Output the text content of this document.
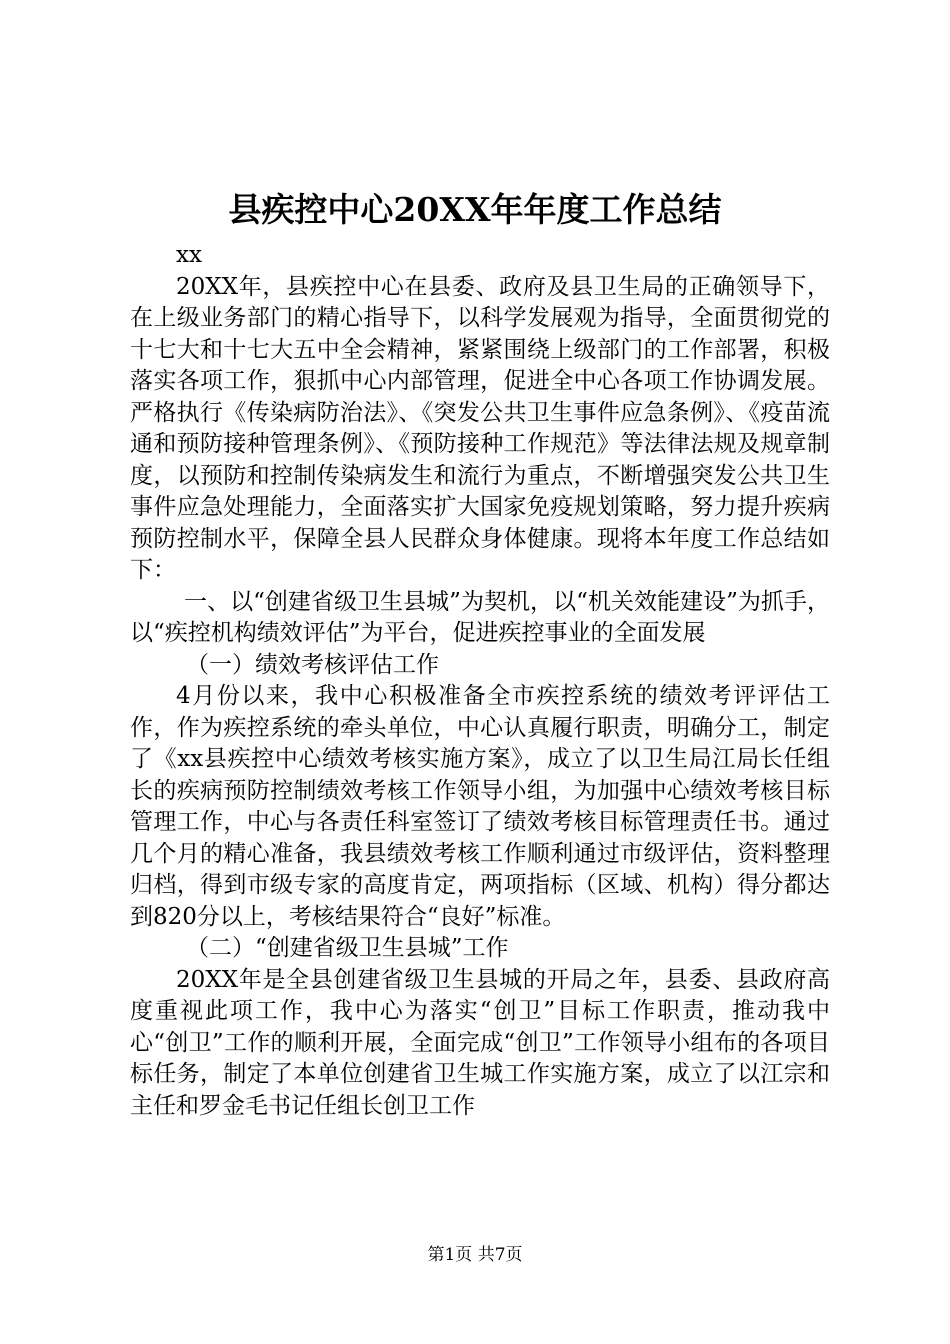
县疾控中心20XX年年度工作总结

xx

20XX年，县疾控中心在县委、政府及县卫生局的正确领导下，在上级业务部门的精心指导下，以科学发展观为指导，全面贯彻党的十七大和十七大五中全会精神，紧紧围绕上级部门的工作部署，积极落实各项工作，狠抓中心内部管理，促进全中心各项工作协调发展。严格执行《传染病防治法》、《突发公共卫生事件应急条例》、《疫苗流通和预防接种管理条例》、《预防接种工作规范》等法律法规及规章制度，以预防和控制传染病发生和流行为重点，不断增强突发公共卫生事件应急处理能力，全面落实扩大国家免疫规划策略，努力提升疾病预防控制水平，保障全县人民群众身体健康。现将本年度工作总结如下：

一、以“创建省级卫生县城”为契机，以“机关效能建设”为抓手，以“疾控机构绩效评估”为平台，促进疾控事业的全面发展

（一）绩效考核评估工作

4月份以来，我中心积极准备全市疾控系统的绩效考评评估工作，作为疾控系统的牵头单位，中心认真履行职责，明确分工，制定了《xx县疾控中心绩效考核实施方案》，成立了以卫生局江局长任组长的疾病预防控制绩效考核工作领导小组，为加强中心绩效考核目标管理工作，中心与各责任科室签订了绩效考核目标管理责任书。通过几个月的精心准备，我县绩效考核工作顺利通过市级评估，资料整理归档，得到市级专家的高度肯定，两项指标（区域、机构）得分都达到820分以上，考核结果符合“良好”标准。

（二）“创建省级卫生县城”工作

20XX年是全县创建省级卫生县城的开局之年，县委、县政府高度重视此项工作，我中心为落实“创卫”目标工作职责，推动我中心“创卫”工作的顺利开展，全面完成“创卫”工作领导小组布的各项目标任务，制定了本单位创建省卫生城工作实施方案，成立了以江宗和主任和罗金毛书记任组长创卫工作

第1页 共7页
